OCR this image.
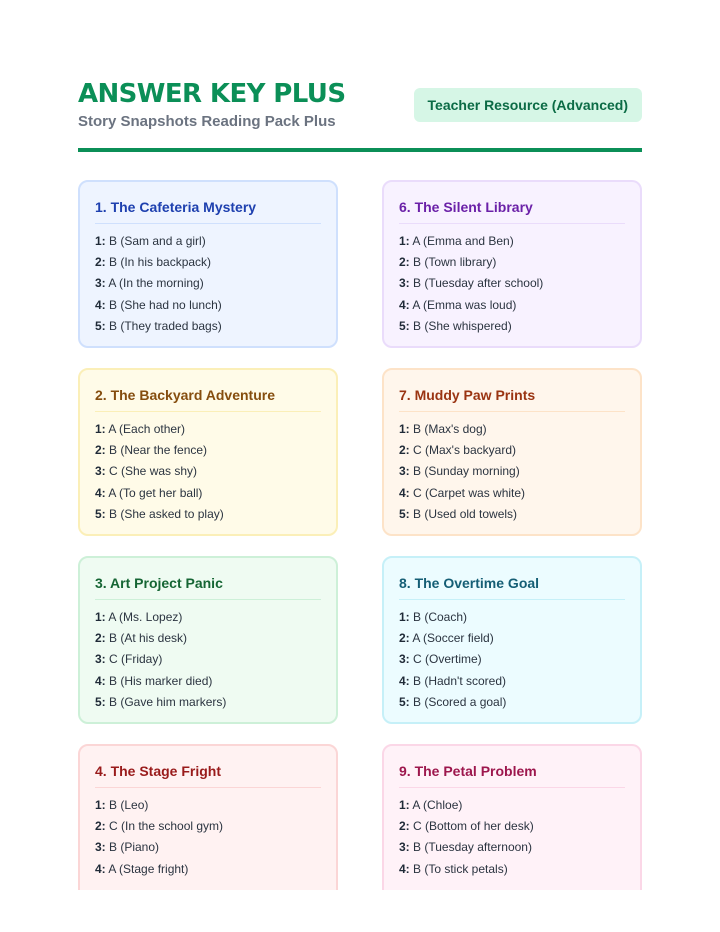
ANSWER KEY PLUS
Story Snapshots Reading Pack Plus
Teacher Resource (Advanced)
1. The Cafeteria Mystery
1: B (Sam and a girl)
2: B (In his backpack)
3: A (In the morning)
4: B (She had no lunch)
5: B (They traded bags)
6. The Silent Library
1: A (Emma and Ben)
2: B (Town library)
3: B (Tuesday after school)
4: A (Emma was loud)
5: B (She whispered)
2. The Backyard Adventure
1: A (Each other)
2: B (Near the fence)
3: C (She was shy)
4: A (To get her ball)
5: B (She asked to play)
7. Muddy Paw Prints
1: B (Max's dog)
2: C (Max's backyard)
3: B (Sunday morning)
4: C (Carpet was white)
5: B (Used old towels)
3. Art Project Panic
1: A (Ms. Lopez)
2: B (At his desk)
3: C (Friday)
4: B (His marker died)
5: B (Gave him markers)
8. The Overtime Goal
1: B (Coach)
2: A (Soccer field)
3: C (Overtime)
4: B (Hadn't scored)
5: B (Scored a goal)
4. The Stage Fright
1: B (Leo)
2: C (In the school gym)
3: B (Piano)
4: A (Stage fright)
9. The Petal Problem
1: A (Chloe)
2: C (Bottom of her desk)
3: B (Tuesday afternoon)
4: B (To stick petals)
